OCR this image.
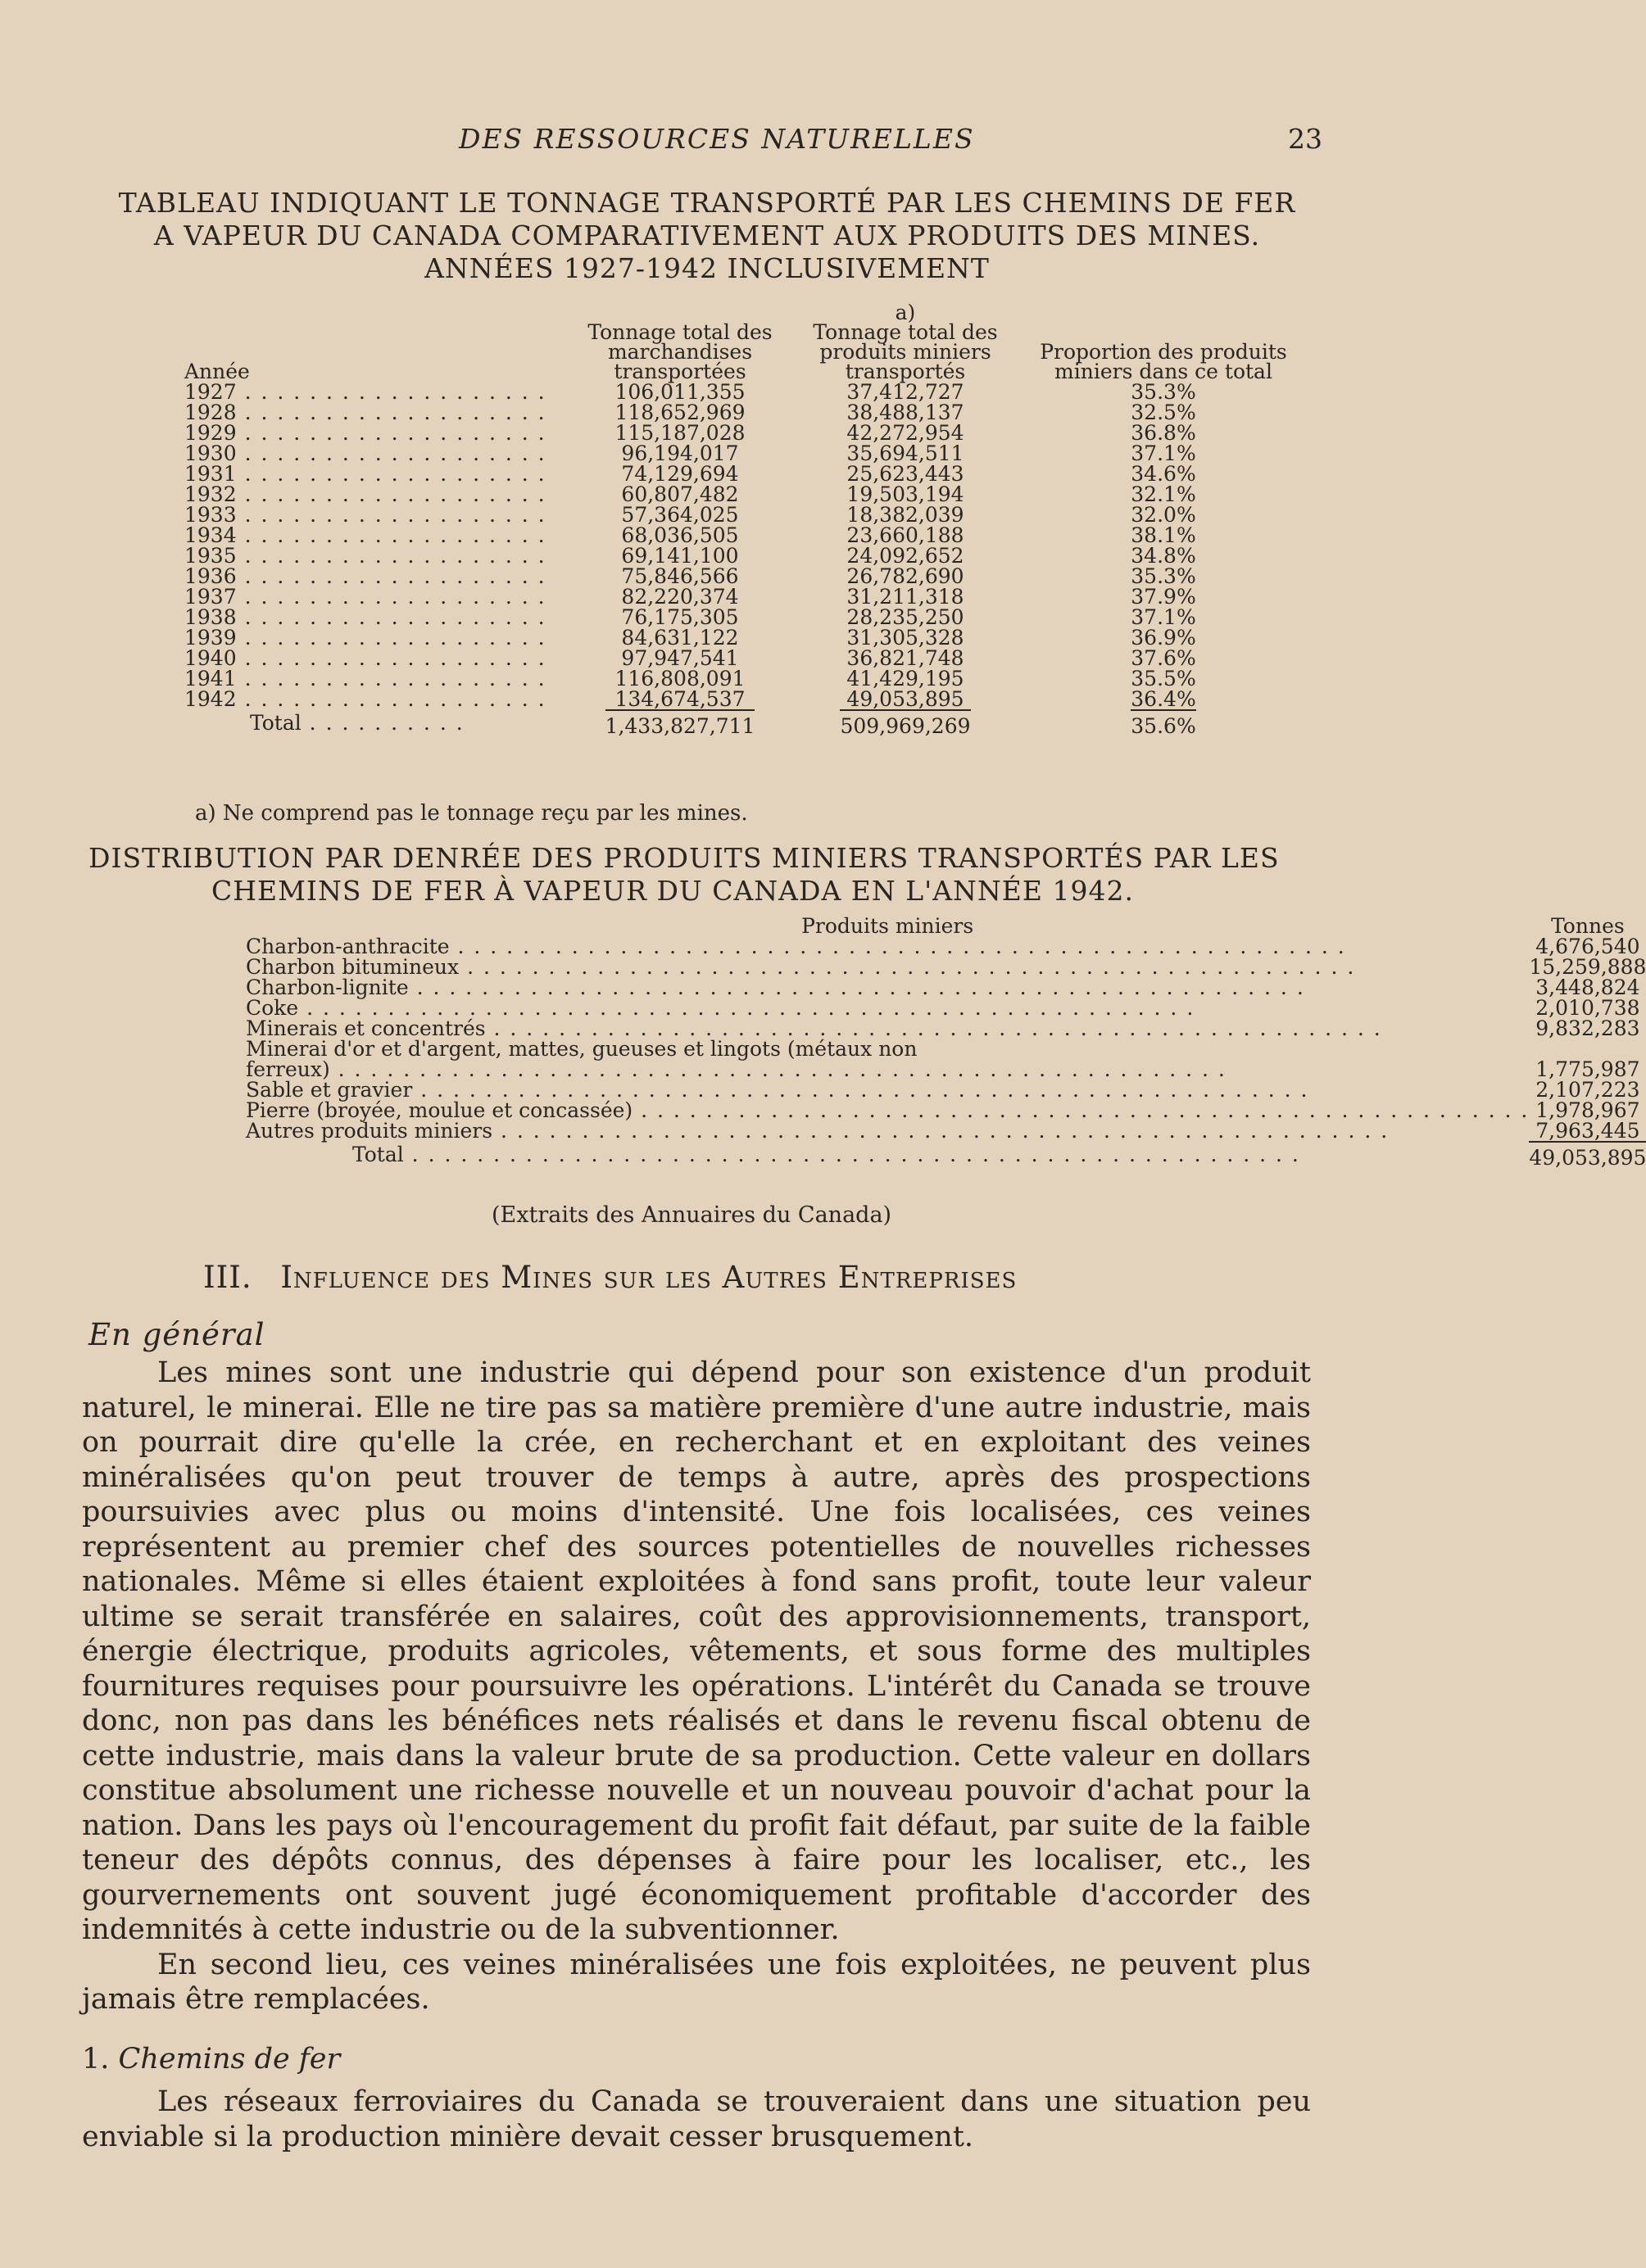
DES RESSOURCES NATURELLES	23
TABLEAU INDIQUANT LE TONNAGE TRANSPORTÉ PAR LES CHEMINS DE FER
A VAPEUR DU CANADA COMPARATIVEMENT AUX PRODUITS DES MINES.
ANNÉES 1927-1942 INCLUSIVEMENT
Année	Tonnage total des marchandises transportées	a)
Tonnage total des produits miniers transportés	Proportion des produits miniers dans ce total
1927 . . . . . . . . . . . . . . . . . . .	106,011,355	37,412,727	35.3%
1928 . . . . . . . . . . . . . . . . . . .	118,652,969	38,488,137	32.5%
1929 . . . . . . . . . . . . . . . . . . .	115,187,028	42,272,954	36.8%
1930 . . . . . . . . . . . . . . . . . . .	96,194,017	35,694,511	37.1%
1931 . . . . . . . . . . . . . . . . . . .	74,129,694	25,623,443	34.6%
1932 . . . . . . . . . . . . . . . . . . .	60,807,482	19,503,194	32.1%
1933 . . . . . . . . . . . . . . . . . . .	57,364,025	18,382,039	32.0%
1934 . . . . . . . . . . . . . . . . . . .	68,036,505	23,660,188	38.1%
1935 . . . . . . . . . . . . . . . . . . .	69,141,100	24,092,652	34.8%
1936 . . . . . . . . . . . . . . . . . . .	75,846,566	26,782,690	35.3%
1937 . . . . . . . . . . . . . . . . . . .	82,220,374	31,211,318	37.9%
1938 . . . . . . . . . . . . . . . . . . .	76,175,305	28,235,250	37.1%
1939 . . . . . . . . . . . . . . . . . . .	84,631,122	31,305,328	36.9%
1940 . . . . . . . . . . . . . . . . . . .	97,947,541	36,821,748	37.6%
1941 . . . . . . . . . . . . . . . . . . .	116,808,091	41,429,195	35.5%
1942 . . . . . . . . . . . . . . . . . . .	134,674,537	49,053,895	36.4%
Total . . . . . . . . . .	1,433,827,711	509,969,269	35.6%
a) Ne comprend pas le tonnage reçu par les mines.
DISTRIBUTION PAR DENRÉE DES PRODUITS MINIERS TRANSPORTÉS PAR LES
CHEMINS DE FER À VAPEUR DU CANADA EN L'ANNÉE 1942.
Produits miniers	Tonnes
Charbon-anthracite . . . . . . . . . . . . . . . . . . . . . . . . . . . . . . . . . . . . . . . . . . . . . . . . . . . . . . .	4,676,540
Charbon bitumineux . . . . . . . . . . . . . . . . . . . . . . . . . . . . . . . . . . . . . . . . . . . . . . . . . . . . . . .	15,259,888
Charbon-lignite . . . . . . . . . . . . . . . . . . . . . . . . . . . . . . . . . . . . . . . . . . . . . . . . . . . . . . .	3,448,824
Coke . . . . . . . . . . . . . . . . . . . . . . . . . . . . . . . . . . . . . . . . . . . . . . . . . . . . . . .	2,010,738
Minerais et concentrés . . . . . . . . . . . . . . . . . . . . . . . . . . . . . . . . . . . . . . . . . . . . . . . . . . . . . . .	9,832,283
Minerai d'or et d'argent, mattes, gueuses et lingots (métaux non	
ferreux) . . . . . . . . . . . . . . . . . . . . . . . . . . . . . . . . . . . . . . . . . . . . . . . . . . . . . . .	1,775,987
Sable et gravier . . . . . . . . . . . . . . . . . . . . . . . . . . . . . . . . . . . . . . . . . . . . . . . . . . . . . . .	2,107,223
Pierre (broyée, moulue et concassée) . . . . . . . . . . . . . . . . . . . . . . . . . . . . . . . . . . . . . . . . . . . . . . . . . . . . . . .	1,978,967
Autres produits miniers . . . . . . . . . . . . . . . . . . . . . . . . . . . . . . . . . . . . . . . . . . . . . . . . . . . . . . .	7,963,445
Total . . . . . . . . . . . . . . . . . . . . . . . . . . . . . . . . . . . . . . . . . . . . . . . . . . . . . . .	49,053,895
(Extraits des Annuaires du Canada)
III. Influence des Mines sur les Autres Entreprises
En général

Les mines sont une industrie qui dépend pour son existence d'un produit naturel, le minerai. Elle ne tire pas sa matière première d'une autre industrie, mais on pourrait dire qu'elle la crée, en recherchant et en exploitant des veines minéralisées qu'on peut trouver de temps à autre, après des prospections poursuivies avec plus ou moins d'intensité. Une fois localisées, ces veines représentent au premier chef des sources potentielles de nouvelles richesses nationales. Même si elles étaient exploitées à fond sans profit, toute leur valeur ultime se serait transférée en salaires, coût des approvisionnements, transport, énergie électrique, produits agricoles, vêtements, et sous forme des multiples fournitures requises pour poursuivre les opérations. L'intérêt du Canada se trouve donc, non pas dans les bénéfices nets réalisés et dans le revenu fiscal obtenu de cette industrie, mais dans la valeur brute de sa production. Cette valeur en dollars constitue absolument une richesse nouvelle et un nouveau pouvoir d'achat pour la nation. Dans les pays où l'encouragement du profit fait défaut, par suite de la faible teneur des dépôts connus, des dépenses à faire pour les localiser, etc., les gourvernements ont souvent jugé économiquement profitable d'accorder des indemnités à cette industrie ou de la subventionner.

En second lieu, ces veines minéralisées une fois exploitées, ne peuvent plus jamais être remplacées.

1. Chemins de fer

Les réseaux ferroviaires du Canada se trouveraient dans une situation peu enviable si la production minière devait cesser brusquement.
